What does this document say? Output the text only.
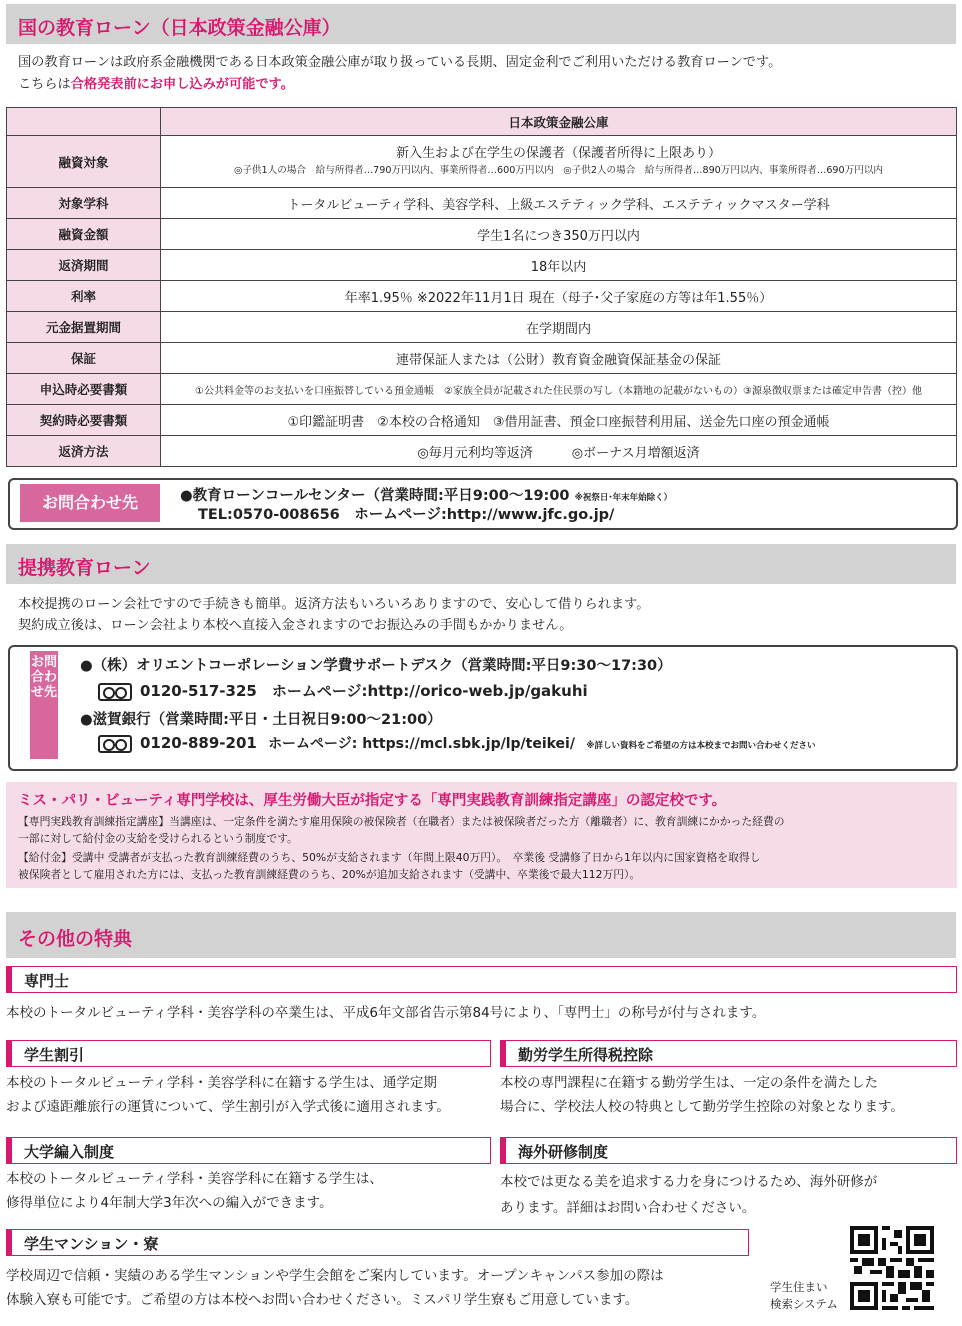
国の教育ローン（日本政策金融公庫）
国の教育ローンは政府系金融機関である日本政策金融公庫が取り扱っている長期、固定金利でご利用いただける教育ローンです。
こちらは合格発表前にお申し込みが可能です。
	日本政策金融公庫
融資対象	新入生および在学生の保護者（保護者所得に上限あり）
◎子供1人の場合　給与所得者…790万円以内、事業所得者…600万円以内　◎子供2人の場合　給与所得者…890万円以内、事業所得者…690万円以内

対象学科	トータルビューティ学科、美容学科、上級エステティック学科、エステティックマスター学科
融資金額	学生1名につき350万円以内
返済期間	18年以内
利率	年率1.95％ ※2022年11月1日 現在（母子･父子家庭の方等は年1.55％）
元金据置期間	在学期間内
保証	連帯保証人または（公財）教育資金融資保証基金の保証
申込時必要書類	①公共料金等のお支払いを口座振替している預金通帳　②家族全員が記載された住民票の写し（本籍地の記載がないもの）③源泉徴収票または確定申告書（控）他
契約時必要書類	①印鑑証明書　②本校の合格通知　③借用証書、預金口座振替利用届、送金先口座の預金通帳
返済方法	◎毎月元利均等返済　　　◎ボーナス月増額返済
お問合わせ先	●教育ローンコールセンター（営業時間:平日9:00～19:00 ※祝祭日･年末年始除く）
TEL:0570-008656　ホームページ:http://www.jfc.go.jp/
提携教育ローン
本校提携のローン会社ですので手続きも簡単。返済方法もいろいろありますので、安心して借りられます。
契約成立後は、ローン会社より本校へ直接入金されますのでお振込みの手間もかかりません。
お問合わせ先
●（株）オリエントコーポレーション学費サポートデスク（営業時間:平日9:30～17:30）
0120-517-325　ホームページ:http://orico-web.jp/gakuhi
●滋賀銀行（営業時間:平日・土日祝日9:00～21:00）
0120-889-201 ホームページ: https://mcl.sbk.jp/lp/teikei/ ※詳しい資料をご希望の方は本校までお問い合わせください
ミス・パリ・ビューティ専門学校は、厚生労働大臣が指定する「専門実践教育訓練指定講座」の認定校です。
【専門実践教育訓練指定講座】当講座は、一定条件を満たす雇用保険の被保険者（在職者）または被保険者だった方（離職者）に、教育訓練にかかった経費の
一部に対して給付金の支給を受けられるという制度です。
【給付金】受講中 受講者が支払った教育訓練経費のうち、50%が支給されます（年間上限40万円）。　卒業後 受講修了日から1年以内に国家資格を取得し
被保険者として雇用された方には、支払った教育訓練経費のうち、20%が追加支給されます（受講中、卒業後で最大112万円）。
その他の特典
専門士
本校のトータルビューティ学科・美容学科の卒業生は、平成6年文部省告示第84号により、「専門士」の称号が付与されます。
学生割引
本校のトータルビューティ学科・美容学科に在籍する学生は、通学定期
および遠距離旅行の運賃について、学生割引が入学式後に適用されます。
勤労学生所得税控除
本校の専門課程に在籍する勤労学生は、一定の条件を満たした
場合に、学校法人校の特典として勤労学生控除の対象となります。
大学編入制度
本校のトータルビューティ学科・美容学科に在籍する学生は、
修得単位により4年制大学3年次への編入ができます。
海外研修制度
本校では更なる美を追求する力を身につけるため、海外研修が
あります。詳細はお問い合わせください。
学生マンション・寮
学校周辺で信頼・実績のある学生マンションや学生会館をご案内しています。オープンキャンパス参加の際は
体験入寮も可能です。ご希望の方は本校へお問い合わせください。ミスパリ学生寮もご用意しています。
学生住まい
検索システム
